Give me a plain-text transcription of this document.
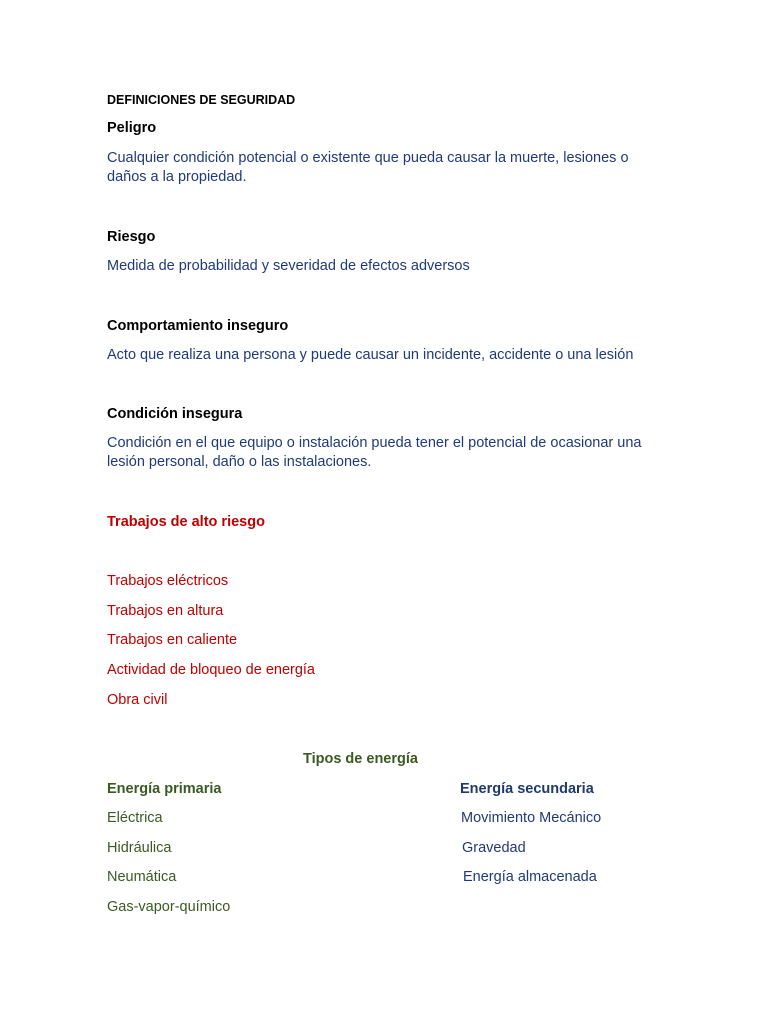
DEFINICIONES DE SEGURIDAD
Peligro
Cualquier condición potencial o existente que pueda causar la muerte, lesiones o daños a la propiedad.
Riesgo
Medida de probabilidad y severidad de efectos adversos
Comportamiento inseguro
Acto que realiza una persona y puede causar un incidente, accidente o una lesión
Condición insegura
Condición en el que equipo o instalación pueda tener el potencial de ocasionar una lesión personal, daño o las instalaciones.
Trabajos de alto riesgo
Trabajos eléctricos
Trabajos en altura
Trabajos en caliente
Actividad de bloqueo de energía
Obra civil
Tipos de energía
Energía primaria
Eléctrica
Hidráulica
Neumática
Gas-vapor-químico
Energía secundaria
Movimiento Mecánico
Gravedad
Energía almacenada
